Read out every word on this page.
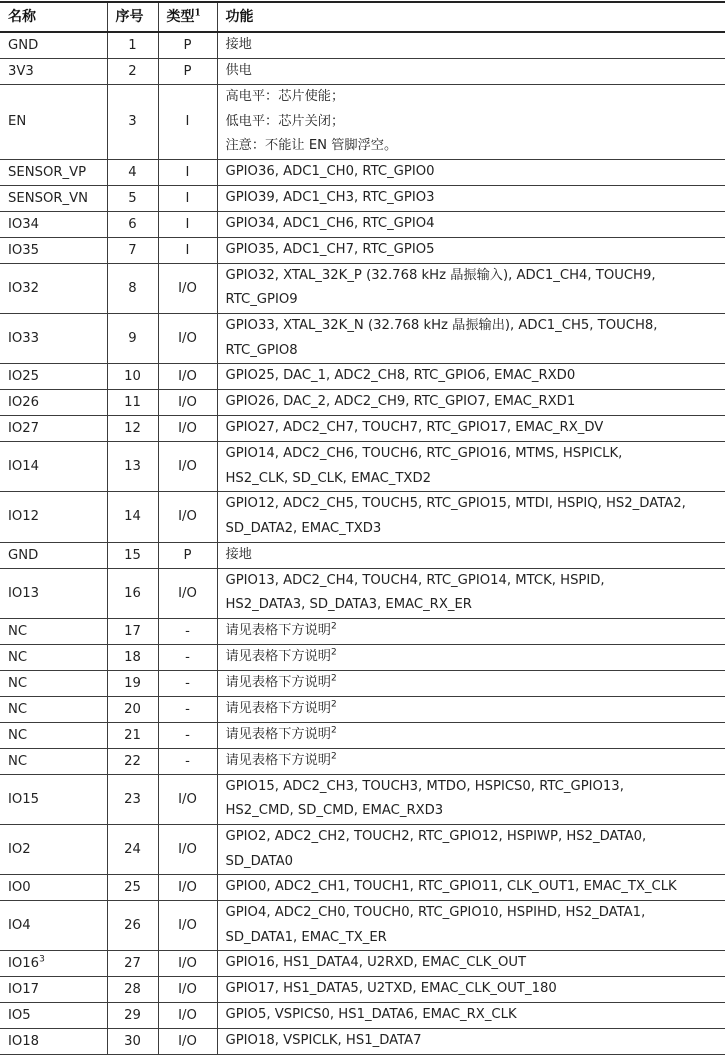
名称	序号	类型$^1$	功能
GND	1	P	接地

3V3	2	P	供电

EN	3	I	高电平：芯片使能；
低电平：芯片关闭；
注意：不能让 EN 管脚浮空。

SENSOR_VP	4	I	GPIO36, ADC1_CH0, RTC_GPIO0

SENSOR_VN	5	I	GPIO39, ADC1_CH3, RTC_GPIO3

IO34	6	I	GPIO34, ADC1_CH6, RTC_GPIO4

IO35	7	I	GPIO35, ADC1_CH7, RTC_GPIO5

IO32	8	I/O	GPIO32, XTAL_32K_P (32.768 kHz 晶振输入), ADC1_CH4, TOUCH9,
RTC_GPIO9

IO33	9	I/O	GPIO33, XTAL_32K_N (32.768 kHz 晶振输出), ADC1_CH5, TOUCH8,
RTC_GPIO8

IO25	10	I/O	GPIO25, DAC_1, ADC2_CH8, RTC_GPIO6, EMAC_RXD0

IO26	11	I/O	GPIO26, DAC_2, ADC2_CH9, RTC_GPIO7, EMAC_RXD1

IO27	12	I/O	GPIO27, ADC2_CH7, TOUCH7, RTC_GPIO17, EMAC_RX_DV

IO14	13	I/O	GPIO14, ADC2_CH6, TOUCH6, RTC_GPIO16, MTMS, HSPICLK,
HS2_CLK, SD_CLK, EMAC_TXD2

IO12	14	I/O	GPIO12, ADC2_CH5, TOUCH5, RTC_GPIO15, MTDI, HSPIQ, HS2_DATA2,
SD_DATA2, EMAC_TXD3

GND	15	P	接地

IO13	16	I/O	GPIO13, ADC2_CH4, TOUCH4, RTC_GPIO14, MTCK, HSPID,
HS2_DATA3, SD_DATA3, EMAC_RX_ER

NC	17	-	请见表格下方说明$^2$

NC	18	-	请见表格下方说明$^2$

NC	19	-	请见表格下方说明$^2$

NC	20	-	请见表格下方说明$^2$

NC	21	-	请见表格下方说明$^2$

NC	22	-	请见表格下方说明$^2$

IO15	23	I/O	GPIO15, ADC2_CH3, TOUCH3, MTDO, HSPICS0, RTC_GPIO13,
HS2_CMD, SD_CMD, EMAC_RXD3

IO2	24	I/O	GPIO2, ADC2_CH2, TOUCH2, RTC_GPIO12, HSPIWP, HS2_DATA0,
SD_DATA0

IO0	25	I/O	GPIO0, ADC2_CH1, TOUCH1, RTC_GPIO11, CLK_OUT1, EMAC_TX_CLK

IO4	26	I/O	GPIO4, ADC2_CH0, TOUCH0, RTC_GPIO10, HSPIHD, HS2_DATA1,
SD_DATA1, EMAC_TX_ER

$IO16^3$	27	I/O	GPIO16, HS1_DATA4, U2RXD, EMAC_CLK_OUT

IO17	28	I/O	GPIO17, HS1_DATA5, U2TXD, EMAC_CLK_OUT_180

IO5	29	I/O	GPIO5, VSPICS0, HS1_DATA6, EMAC_RX_CLK

IO18	30	I/O	GPIO18, VSPICLK, HS1_DATA7
